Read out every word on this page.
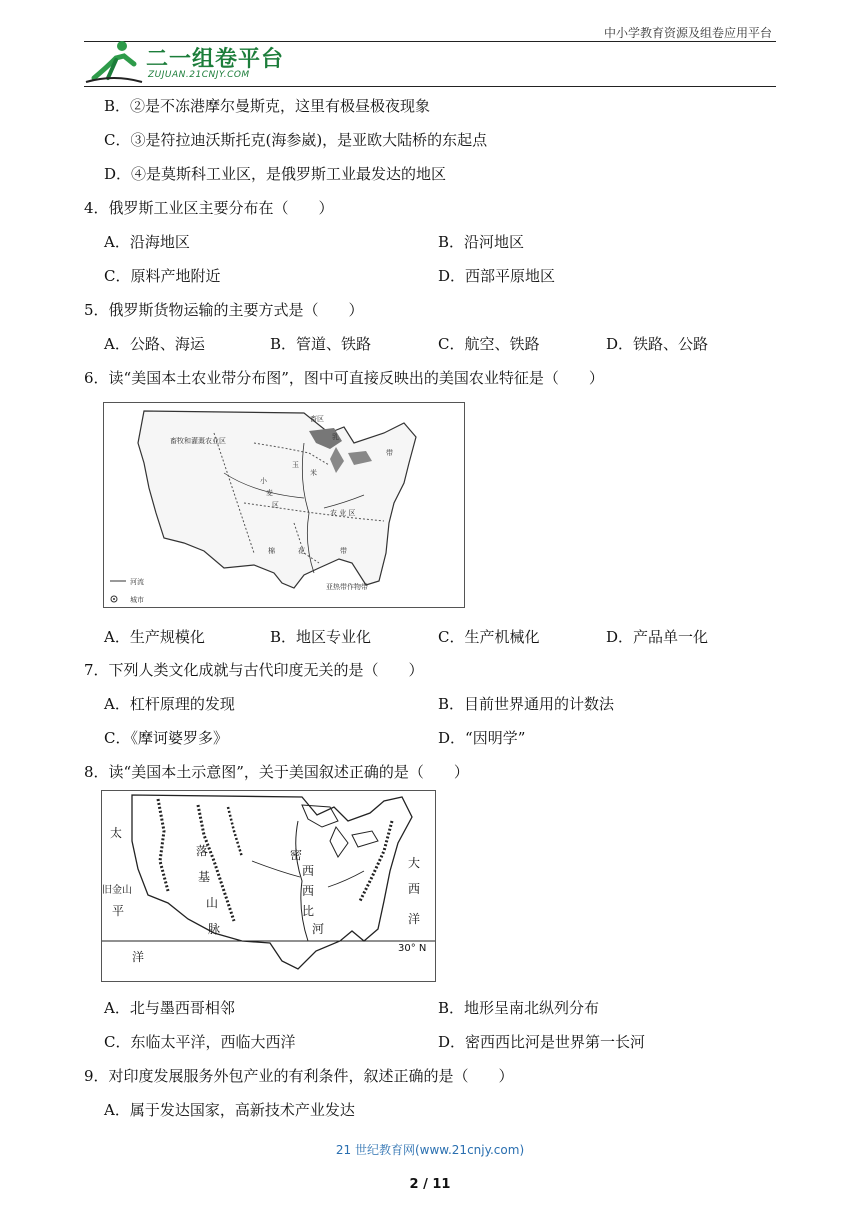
中小学教育资源及组卷应用平台
二一组卷平台
ZUJUAN.21CNJY.COM
B．②是不冻港摩尔曼斯克，这里有极昼极夜现象
C．③是符拉迪沃斯托克(海参崴)，是亚欧大陆桥的东起点
D．④是莫斯科工业区，是俄罗斯工业最发达的地区
4．俄罗斯工业区主要分布在（　　）
A．沿海地区	B．沿河地区
C．原料产地附近	D．西部平原地区
5．俄罗斯货物运输的主要方式是（　　）
A．公路、海运	B．管道、铁路	C．航空、铁路	D．铁路、公路
6．读“美国本土农业带分布图”，图中可直接反映出的美国农业特征是（　　）
河流
城市
畜牧和灌溉农业区
畜区
乳
带
小
麦
区
玉
米
农 业 区
棉	花	带
亚热带作物带
A．生产规模化	B．地区专业化	C．生产机械化	D．产品单一化
7．下列人类文化成就与古代印度无关的是（　　）
A．杠杆原理的发现	B．目前世界通用的计数法
C．《摩诃婆罗多》	D．“因明学”
8．读“美国本土示意图”，关于美国叙述正确的是（　　）
太
旧金山
平
洋
落
基
山
脉
密
西
西
比
河
大
西
洋
30° N
A．北与墨西哥相邻	B．地形呈南北纵列分布
C．东临太平洋，西临大西洋	D．密西西比河是世界第一长河
9．对印度发展服务外包产业的有利条件，叙述正确的是（　　）
A．属于发达国家，高新技术产业发达
21 世纪教育网(www.21cnjy.com)
2 / 11
